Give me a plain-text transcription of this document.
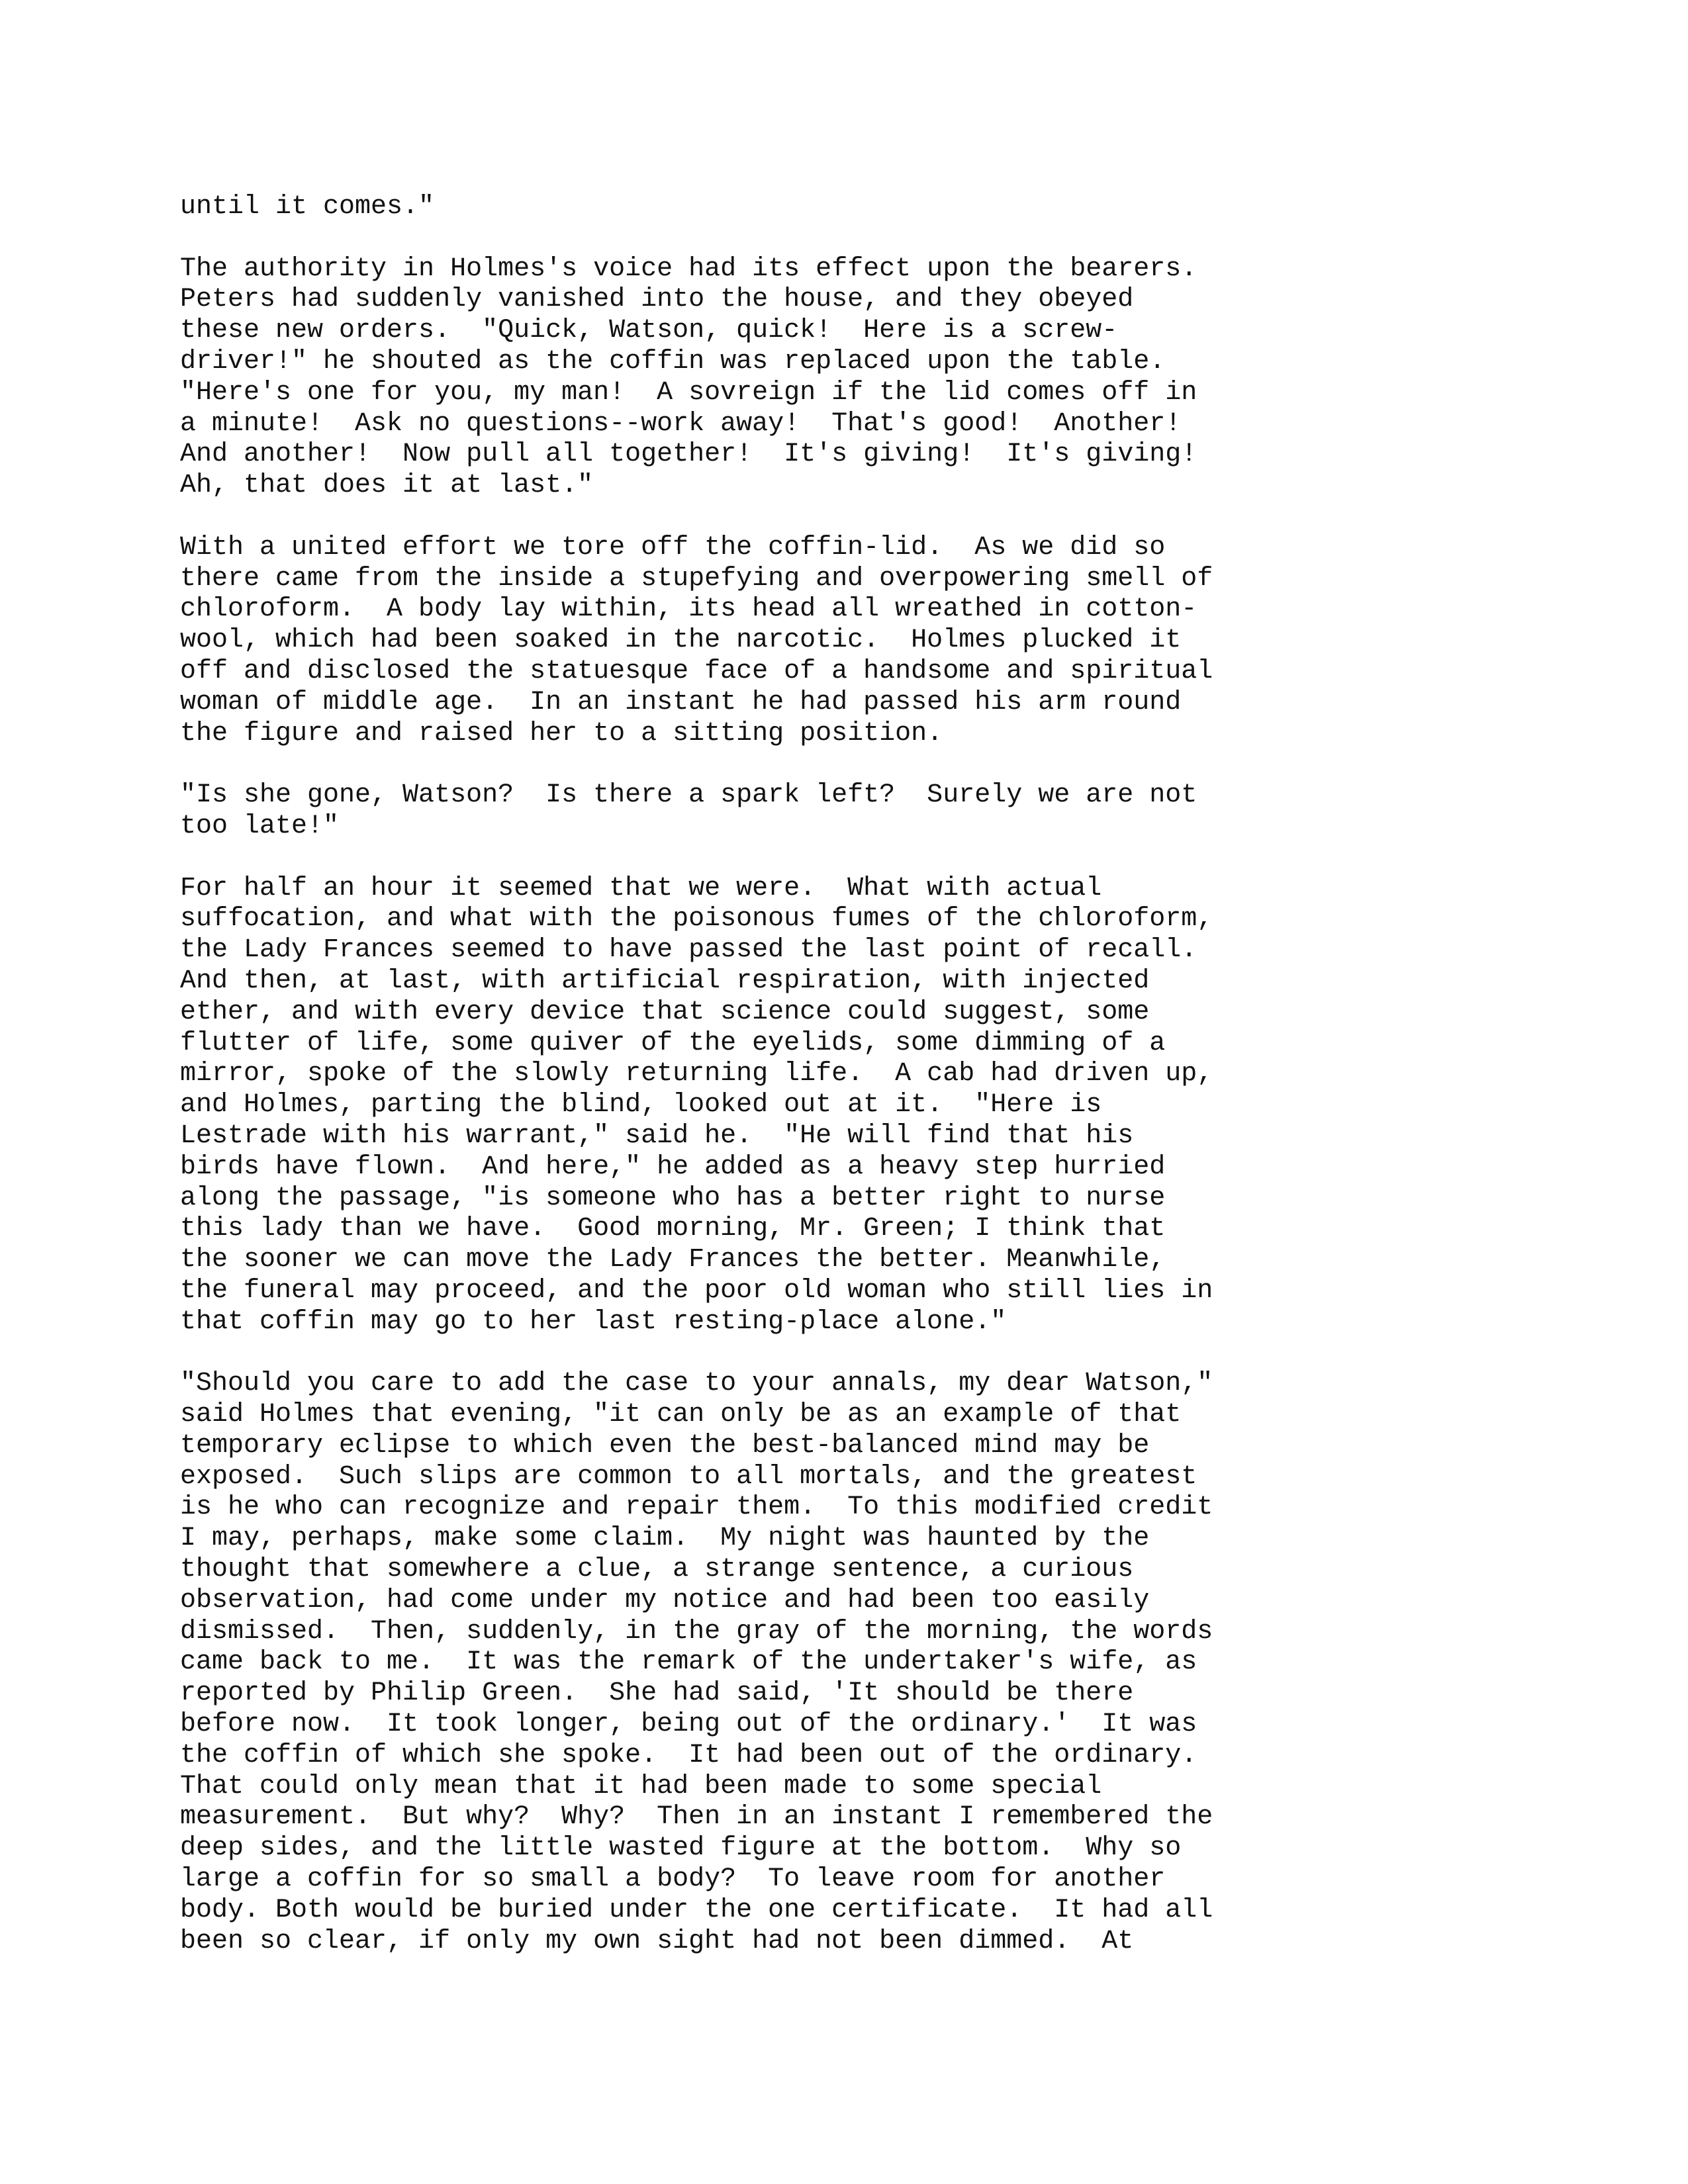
until it comes."

The authority in Holmes's voice had its effect upon the bearers.
Peters had suddenly vanished into the house, and they obeyed
these new orders.  "Quick, Watson, quick!  Here is a screw-
driver!" he shouted as the coffin was replaced upon the table.
"Here's one for you, my man!  A sovreign if the lid comes off in
a minute!  Ask no questions--work away!  That's good!  Another!
And another!  Now pull all together!  It's giving!  It's giving!
Ah, that does it at last."

With a united effort we tore off the coffin-lid.  As we did so
there came from the inside a stupefying and overpowering smell of
chloroform.  A body lay within, its head all wreathed in cotton-
wool, which had been soaked in the narcotic.  Holmes plucked it
off and disclosed the statuesque face of a handsome and spiritual
woman of middle age.  In an instant he had passed his arm round
the figure and raised her to a sitting position.

"Is she gone, Watson?  Is there a spark left?  Surely we are not
too late!"

For half an hour it seemed that we were.  What with actual
suffocation, and what with the poisonous fumes of the chloroform,
the Lady Frances seemed to have passed the last point of recall.
And then, at last, with artificial respiration, with injected
ether, and with every device that science could suggest, some
flutter of life, some quiver of the eyelids, some dimming of a
mirror, spoke of the slowly returning life.  A cab had driven up,
and Holmes, parting the blind, looked out at it.  "Here is
Lestrade with his warrant," said he.  "He will find that his
birds have flown.  And here," he added as a heavy step hurried
along the passage, "is someone who has a better right to nurse
this lady than we have.  Good morning, Mr. Green; I think that
the sooner we can move the Lady Frances the better. Meanwhile,
the funeral may proceed, and the poor old woman who still lies in
that coffin may go to her last resting-place alone."

"Should you care to add the case to your annals, my dear Watson,"
said Holmes that evening, "it can only be as an example of that
temporary eclipse to which even the best-balanced mind may be
exposed.  Such slips are common to all mortals, and the greatest
is he who can recognize and repair them.  To this modified credit
I may, perhaps, make some claim.  My night was haunted by the
thought that somewhere a clue, a strange sentence, a curious
observation, had come under my notice and had been too easily
dismissed.  Then, suddenly, in the gray of the morning, the words
came back to me.  It was the remark of the undertaker's wife, as
reported by Philip Green.  She had said, 'It should be there
before now.  It took longer, being out of the ordinary.'  It was
the coffin of which she spoke.  It had been out of the ordinary.
That could only mean that it had been made to some special
measurement.  But why?  Why?  Then in an instant I remembered the
deep sides, and the little wasted figure at the bottom.  Why so
large a coffin for so small a body?  To leave room for another
body. Both would be buried under the one certificate.  It had all
been so clear, if only my own sight had not been dimmed.  At
